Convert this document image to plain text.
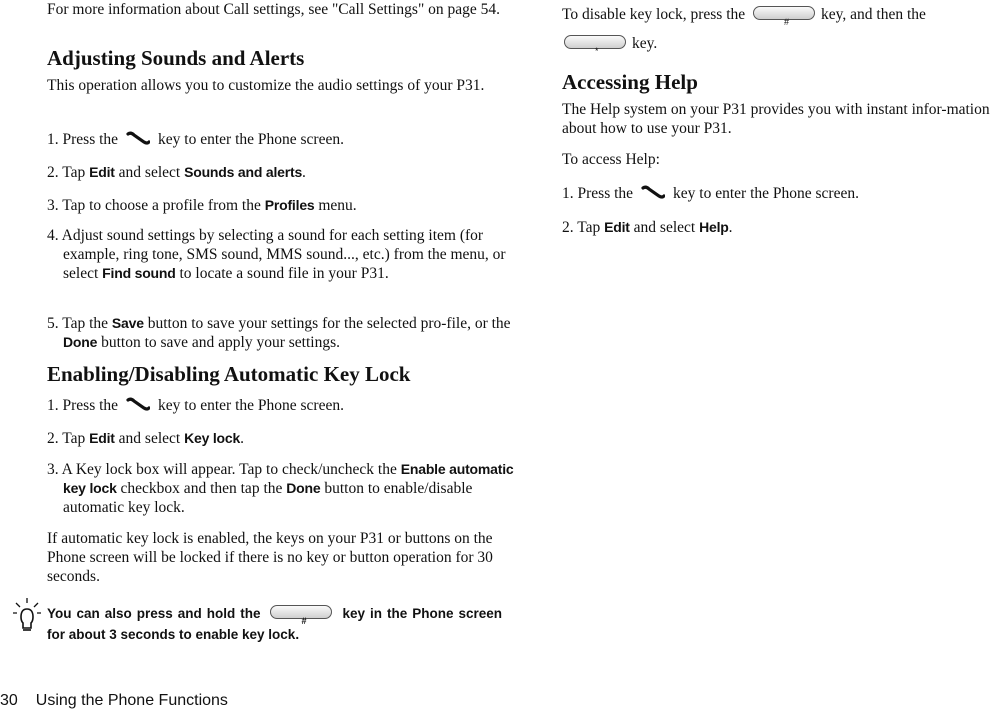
For more information about Call settings, see "Call Settings" on page 54.

Adjusting Sounds and Alerts

This operation allows you to customize the audio settings of your P31.

1. Press the	key to enter the Phone screen.

2. Tap Edit and select Sounds and alerts.

3. Tap to choose a profile from the Profiles menu.

4. Adjust sound settings by selecting a sound for each setting item (for example, ring tone, SMS sound, MMS sound..., etc.) from the menu, or select Find sound to locate a sound file in your P31.

5. Tap the Save button to save your settings for the selected pro-file, or the Done button to save and apply your settings.

Enabling/Disabling Automatic Key Lock

1. Press the	key to enter the Phone screen.

2. Tap Edit and select Key lock.

3. A Key lock box will appear. Tap to check/uncheck the Enable automatic key lock checkbox and then tap the Done button to enable/disable automatic key lock.

If automatic key lock is enabled, the keys on your P31 or buttons on the Phone screen will be locked if there is no key or button operation for 30 seconds.

You can also press and hold the	#	key in the Phone screen for about 3 seconds to enable key lock.

To disable key lock, press the	# key, and then the

* key.

Accessing Help

The Help system on your P31 provides you with instant infor-mation about how to use your P31.

To access Help:

1. Press the	key to enter the Phone screen.

2. Tap Edit and select Help.

30 Using the Phone Functions
